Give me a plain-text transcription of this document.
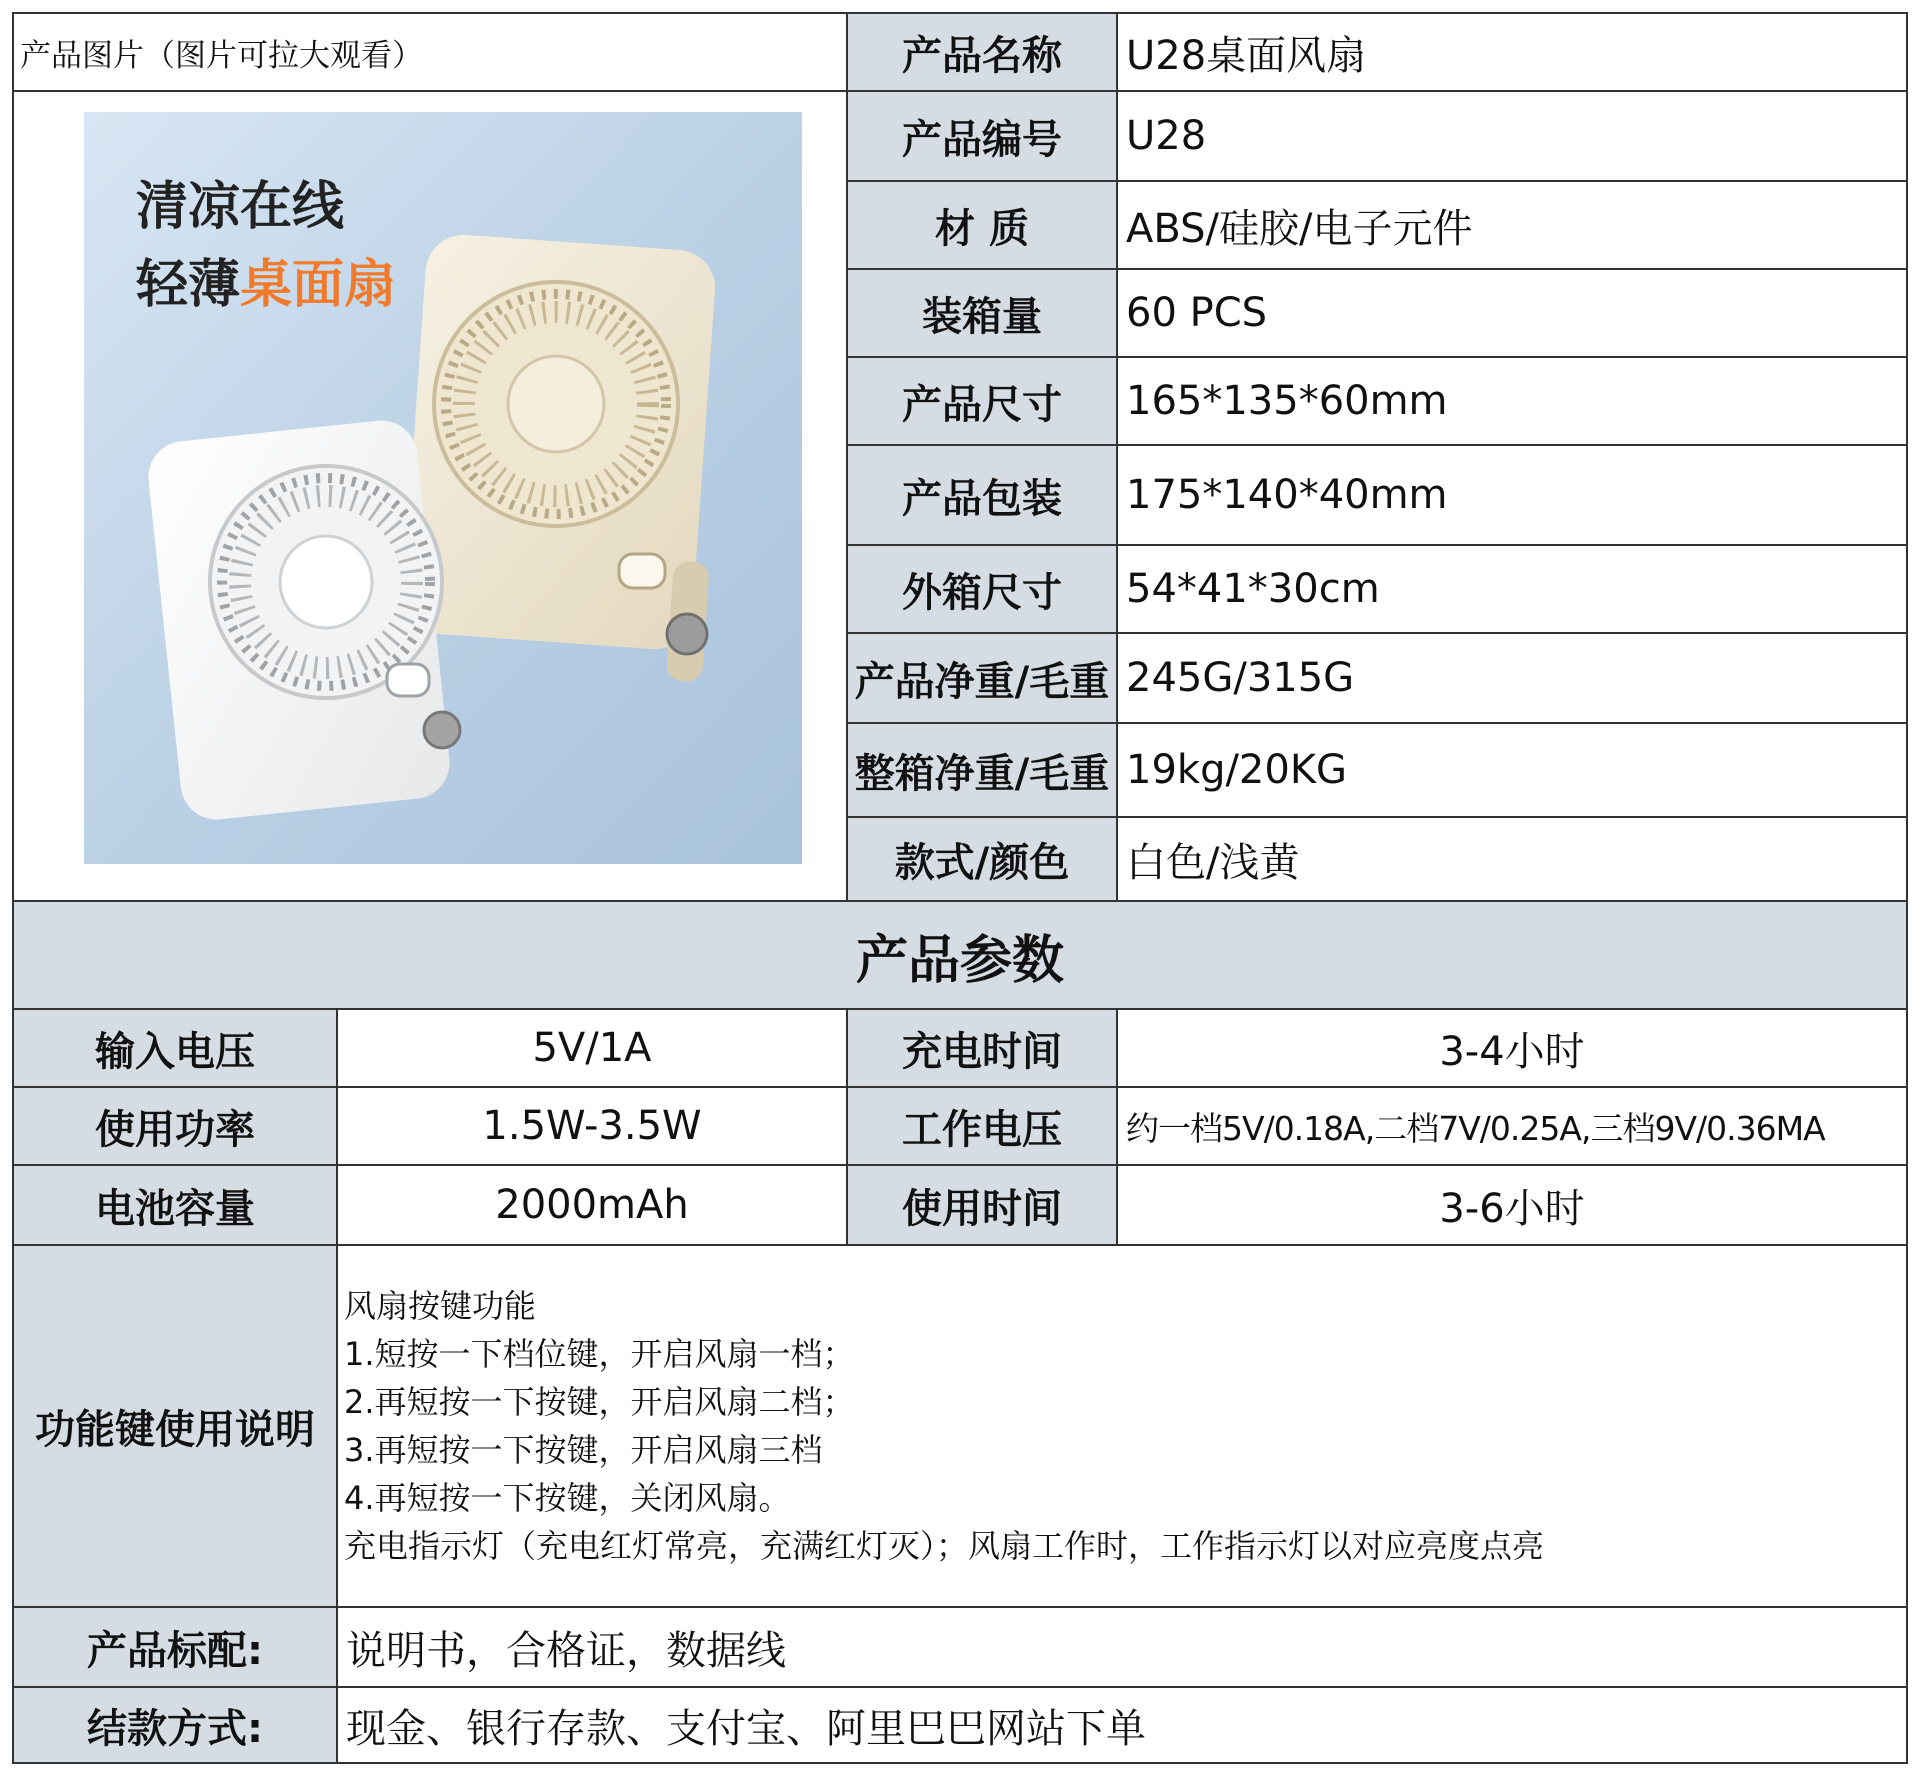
产品图片（图片可拉大观看）
清凉在线
轻薄桌面扇
产品名称	U28桌面风扇
产品编号	U28
材 质	ABS/硅胶/电子元件
装箱量	60 PCS
产品尺寸	165*135*60mm
产品包装	175*140*40mm
外箱尺寸	54*41*30cm
产品净重/毛重 245G/315G
整箱净重/毛重 19kg/20KG
款式/颜色	白色/浅黄
产品参数
输入电压	5V/1A	充电时间	3-4小时
使用功率	1.5W-3.5W	工作电压	约一档5V/0.18A,二档7V/0.25A,三档9V/0.36MA
电池容量	2000mAh	使用时间	3-6小时
功能键使用说明
风扇按键功能
1.短按一下档位键，开启风扇一档；
2.再短按一下按键，开启风扇二档；
3.再短按一下按键，开启风扇三档
4.再短按一下按键，关闭风扇。
充电指示灯（充电红灯常亮，充满红灯灭）；风扇工作时，工作指示灯以对应亮度点亮
产品标配:	说明书，合格证，数据线
结款方式:	现金、银行存款、支付宝、阿里巴巴网站下单
